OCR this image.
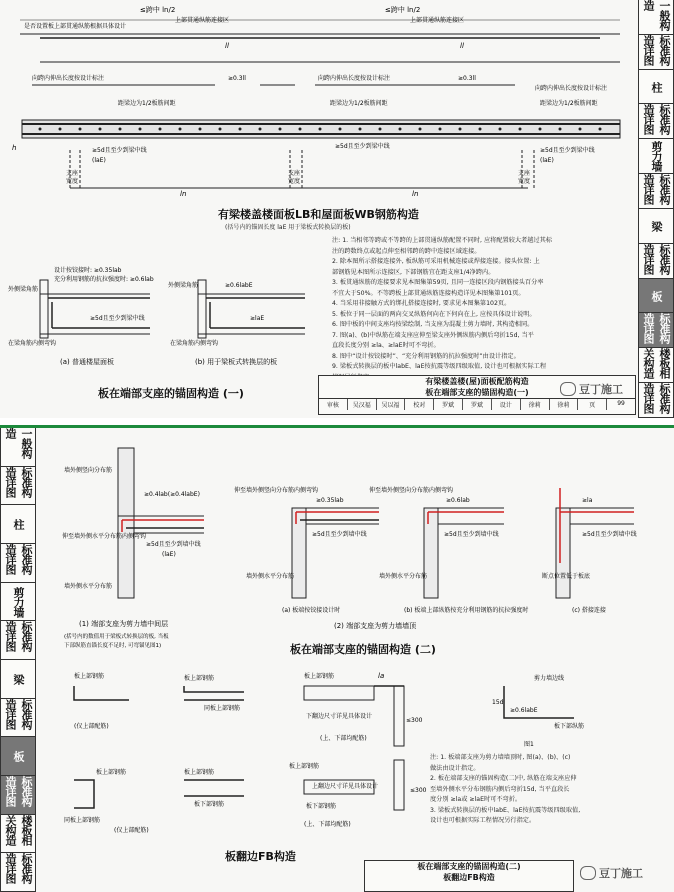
是否设置板上部贯通纵筋根据具体设计
≤跨中 ln/2
上部贯通纵筋连接区
≤跨中 ln/2
上部贯通纵筋连接区
ll	ll
向跨内伸出长度按设计标注	向跨内伸出长度按设计标注
向跨内伸出长度按设计标注
≥0.3ll	≥0.3ll
距梁边为1/2板筋间距	距梁边为1/2板筋间距	距梁边为1/2板筋间距
≥5d且至少到梁中线
(laE)
≥5d且至少到梁中线
≥5d且至少到梁中线
(laE)
支座
宽度
支座
宽度
支座
宽度
ln	ln
h
设计按铰接时: ≥0.35lab
充分利用钢筋的抗拉强度时: ≥0.6lab
外侧梁角筋
≥5d且至少到梁中线
在梁角筋内侧弯钩
(a) 普通楼屋面板
外侧梁角筋	≥0.6labE
≥laE
在梁角筋内侧弯钩
(b) 用于梁板式转换层的板
有梁楼盖楼面板LB和屋面板WB钢筋构造
(括号内的锚固长度 laE 用于梁板式转换层的板)
注: 1. 当相邻等跨或不等跨的上部贯通纵筋配置不同时, 应将配置较大者越过其标
注的跨数终点或起点伸至相邻跨的跨中连接区域连接。
2. 除本图所示搭接连接外, 板纵筋可采用机械连接或焊接连接。接头位置: 上
部钢筋见本图所示连接区, 下部钢筋宜在距支座1/4净跨内。
3. 板贯通纵筋的连接要求见本图集第59页, 且同一连接区段内钢筋接头百分率
不宜大于50%。不等跨板上部贯通纵筋连接构造详见本图集第101页。
4. 当采用非接触方式的绑扎搭接连接时, 要求见本图集第102页。
5. 板位于同一层面的两向交叉纵筋何向在下何向在上, 应按具体设计说明。
6. 图中板的中间支座均按梁绘制, 当支座为混凝土剪力墙时, 其构造相同。
7. 图(a)、(b)中纵筋在端支座应伸至梁支座外侧纵筋内侧后弯折15d, 当平
直段长度分别 ≥la、≥laE时可不弯折。
8. 图中“设计按铰接时”、“充分利用钢筋的抗拉强度时”由设计指定。
9. 梁板式转换层的板中labE、laE按抗震等级四级取值, 设计也可根据实际工程
板在端部支座的锚固构造 (一)
有梁楼盖楼(屋)面板配筋构造
板在端部支座的锚固构造(一)
审核	吴汉福	吴以福	校对	罗斌	罗斌	设计	徐莉	徐莉	页	99
豆丁施工
一般构造
标准构造详图
柱
标准构造详图
剪力墙
标准构造详图
梁
标准构造详图
板
标准构造详图
楼板相关构造
标准构造详图
一般构造
标准构造详图
柱
标准构造详图
剪力墙
标准构造详图
梁
标准构造详图
板
标准构造详图
楼板相关构造
标准构造详图
墙外侧竖向分布筋
≥0.4lab(≥0.4labE)
伸至墙外侧水平分布筋内侧弯钩
≥5d且至少到墙中线
(laE)
墙外侧水平分布筋
(1) 端部支座为剪力墙中间层
(括号内的数值用于梁板式转换层的板, 当板
下部纵筋直锚长度不足时, 可弯锚见图1)
伸至墙外侧竖向分布筋内侧弯钩
≥0.35lab
≥5d且至少到墙中线
墙外侧水平分布筋
(a) 板端按铰接设计时
伸至墙外侧竖向分布筋内侧弯钩
≥0.6lab
≥5d且至少到墙中线
墙外侧水平分布筋
(b) 板端上部纵筋按充分利用钢筋的抗拉强度时
≥la
≥5d且至少到墙中线
断点位置低于板底
(c) 搭接连接
(2) 端部支座为剪力墙墙顶
板上部钢筋	板上部钢筋
同板上部钢筋
板上部钢筋
下翻边尺寸详见具体设计
≤300
la
(仅上部配筋)
(上、下部均配筋)
板上部钢筋	板上部钢筋
同板上部钢筋
板下部钢筋
板上部钢筋
上翻边尺寸详见具体设计
板下部钢筋
≤300
(仅上部配筋)
(上、下部均配筋)
剪力墙边线
≥0.6labE
板下部纵筋
15d
图1
板在端部支座的锚固构造 (二)
板翻边FB构造
注: 1. 板端部支座为剪力墙墙顶时, 图(a)、(b)、(c)
做法由设计指定。
2. 板在端部支座的锚固构造(二)中, 纵筋在端支座应伸
至墙外侧水平分布钢筋内侧后弯折15d, 当平直段长
度分别 ≥la或 ≥laE时可不弯折。
3. 梁板式转换层的板中labE、laE按抗震等级四级取值,
设计也可根据实际工程情况另行指定。
板在端部支座的锚固构造(二)
板翻边FB构造	豆丁施工
